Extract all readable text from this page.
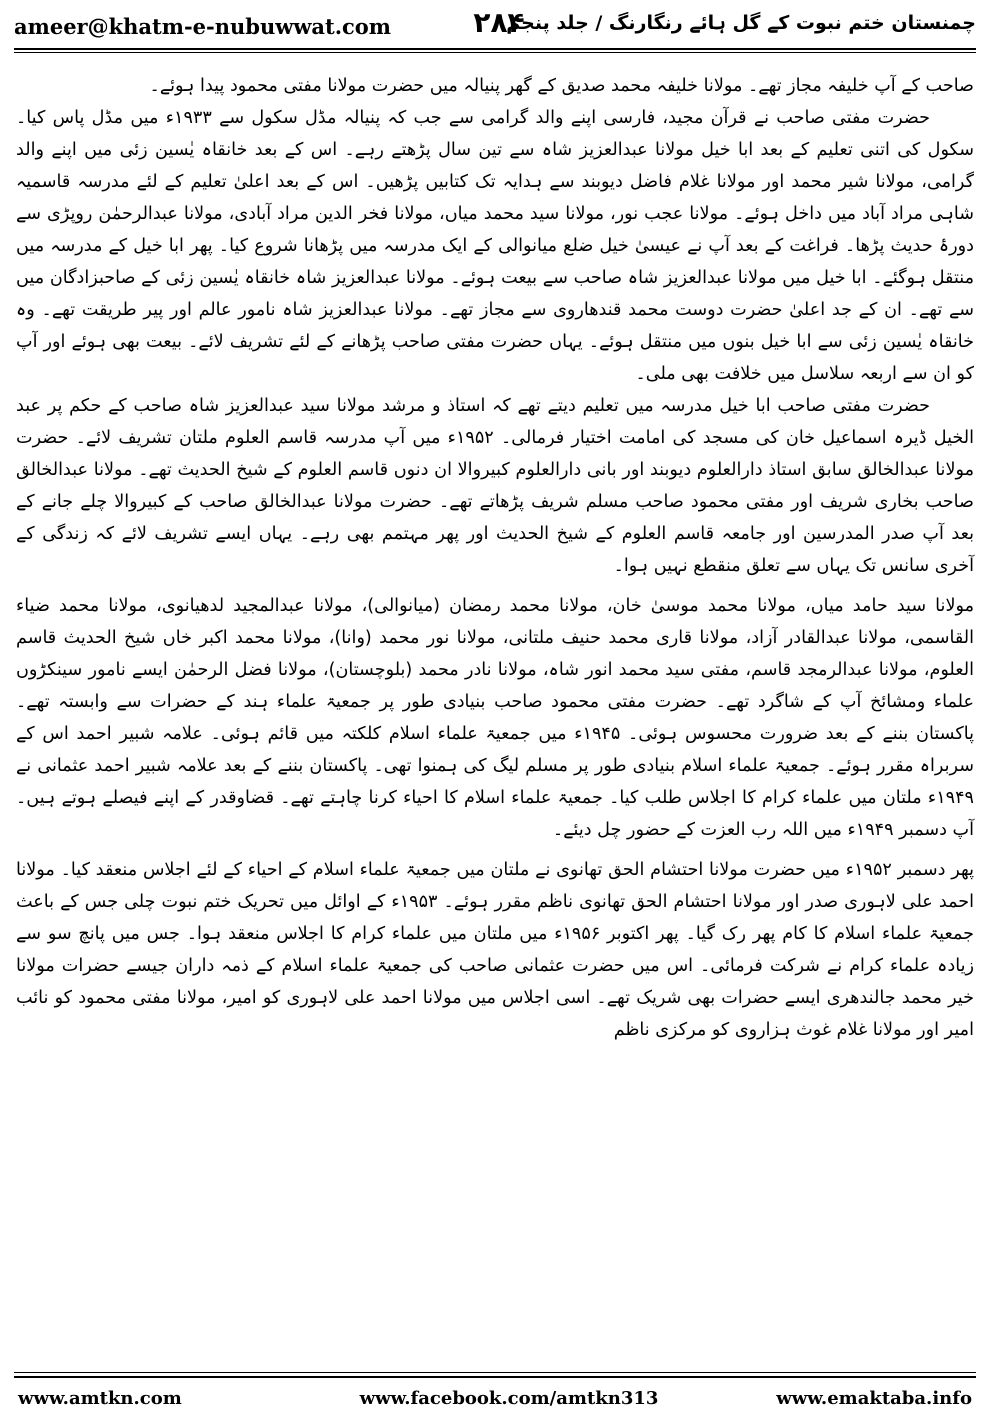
ameer@khatm-e-nubuwwat.com	۲۸۴
چمنستان ختم نبوت کے گل ہائے رنگارنگ / جلد پنجم

صاحب کے آپ خلیفہ مجاز تھے۔ مولانا خلیفہ محمد صدیق کے گھر پنیالہ میں حضرت مولانا مفتی محمود پیدا ہوئے۔

حضرت مفتی صاحب نے قرآن مجید، فارسی اپنے والد گرامی سے جب کہ پنیالہ مڈل سکول سے ۱۹۳۳ء میں مڈل پاس کیا۔ سکول کی اتنی تعلیم کے بعد ابا خیل مولانا عبدالعزیز شاہ سے تین سال پڑھتے رہے۔ اس کے بعد خانقاہ یٰسین زئی میں اپنے والد گرامی، مولانا شیر محمد اور مولانا غلام فاضل دیوبند سے ہدایہ تک کتابیں پڑھیں۔ اس کے بعد اعلیٰ تعلیم کے لئے مدرسہ قاسمیہ شاہی مراد آباد میں داخل ہوئے۔ مولانا عجب نور، مولانا سید محمد میاں، مولانا فخر الدین مراد آبادی، مولانا عبدالرحمٰن روپڑی سے دورۂ حدیث پڑھا۔ فراغت کے بعد آپ نے عیسیٰ خیل ضلع میانوالی کے ایک مدرسہ میں پڑھانا شروع کیا۔ پھر ابا خیل کے مدرسہ میں منتقل ہوگئے۔ ابا خیل میں مولانا عبدالعزیز شاہ صاحب سے بیعت ہوئے۔ مولانا عبدالعزیز شاہ خانقاہ یٰسین زئی کے صاحبزادگان میں سے تھے۔ ان کے جد اعلیٰ حضرت دوست محمد قندھاروی سے مجاز تھے۔ مولانا عبدالعزیز شاہ نامور عالم اور پیر طریقت تھے۔ وہ خانقاہ یٰسین زئی سے ابا خیل بنوں میں منتقل ہوئے۔ یہاں حضرت مفتی صاحب پڑھانے کے لئے تشریف لائے۔ بیعت بھی ہوئے اور آپ کو ان سے اربعہ سلاسل میں خلافت بھی ملی۔

حضرت مفتی صاحب ابا خیل مدرسہ میں تعلیم دیتے تھے کہ استاذ و مرشد مولانا سید عبدالعزیز شاہ صاحب کے حکم پر عبد الخیل ڈیرہ اسماعیل خان کی مسجد کی امامت اختیار فرمالی۔ ۱۹۵۲ء میں آپ مدرسہ قاسم العلوم ملتان تشریف لائے۔ حضرت مولانا عبدالخالق سابق استاذ دارالعلوم دیوبند اور بانی دارالعلوم کبیروالا ان دنوں قاسم العلوم کے شیخ الحدیث تھے۔ مولانا عبدالخالق صاحب بخاری شریف اور مفتی محمود صاحب مسلم شریف پڑھاتے تھے۔ حضرت مولانا عبدالخالق صاحب کے کبیروالا چلے جانے کے بعد آپ صدر المدرسین اور جامعہ قاسم العلوم کے شیخ الحدیث اور پھر مہتمم بھی رہے۔ یہاں ایسے تشریف لائے کہ زندگی کے آخری سانس تک یہاں سے تعلق منقطع نہیں ہوا۔

مولانا سید حامد میاں، مولانا محمد موسیٰ خان، مولانا محمد رمضان (میانوالی)، مولانا عبدالمجید لدھیانوی، مولانا محمد ضیاء القاسمی، مولانا عبدالقادر آزاد، مولانا قاری محمد حنیف ملتانی، مولانا نور محمد (وانا)، مولانا محمد اکبر خاں شیخ الحدیث قاسم العلوم، مولانا عبدالرمجد قاسم، مفتی سید محمد انور شاہ، مولانا نادر محمد (بلوچستان)، مولانا فضل الرحمٰن ایسے نامور سینکڑوں علماء ومشائخ آپ کے شاگرد تھے۔ حضرت مفتی محمود صاحب بنیادی طور پر جمعیۃ علماء ہند کے حضرات سے وابستہ تھے۔ پاکستان بننے کے بعد ضرورت محسوس ہوئی۔ ۱۹۴۵ء میں جمعیۃ علماء اسلام کلکتہ میں قائم ہوئی۔ علامہ شبیر احمد اس کے سربراہ مقرر ہوئے۔ جمعیۃ علماء اسلام بنیادی طور پر مسلم لیگ کی ہمنوا تھی۔ پاکستان بننے کے بعد علامہ شبیر احمد عثمانی نے ۱۹۴۹ء ملتان میں علماء کرام کا اجلاس طلب کیا۔ جمعیۃ علماء اسلام کا احیاء کرنا چاہتے تھے۔ قضاوقدر کے اپنے فیصلے ہوتے ہیں۔ آپ دسمبر ۱۹۴۹ء میں اللہ رب العزت کے حضور چل دیئے۔

پھر دسمبر ۱۹۵۲ء میں حضرت مولانا احتشام الحق تھانوی نے ملتان میں جمعیۃ علماء اسلام کے احیاء کے لئے اجلاس منعقد کیا۔ مولانا احمد علی لاہوری صدر اور مولانا احتشام الحق تھانوی ناظم مقرر ہوئے۔ ۱۹۵۳ء کے اوائل میں تحریک ختم نبوت چلی جس کے باعث جمعیۃ علماء اسلام کا کام پھر رک گیا۔ پھر اکتوبر ۱۹۵۶ء میں ملتان میں علماء کرام کا اجلاس منعقد ہوا۔ جس میں پانچ سو سے زیادہ علماء کرام نے شرکت فرمائی۔ اس میں حضرت عثمانی صاحب کی جمعیۃ علماء اسلام کے ذمہ داران جیسے حضرات مولانا خیر محمد جالندھری ایسے حضرات بھی شریک تھے۔ اسی اجلاس میں مولانا احمد علی لاہوری کو امیر، مولانا مفتی محمود کو نائب امیر اور مولانا غلام غوث ہزاروی کو مرکزی ناظم

www.amtkn.com	www.facebook.com/amtkn313	www.emaktaba.info
